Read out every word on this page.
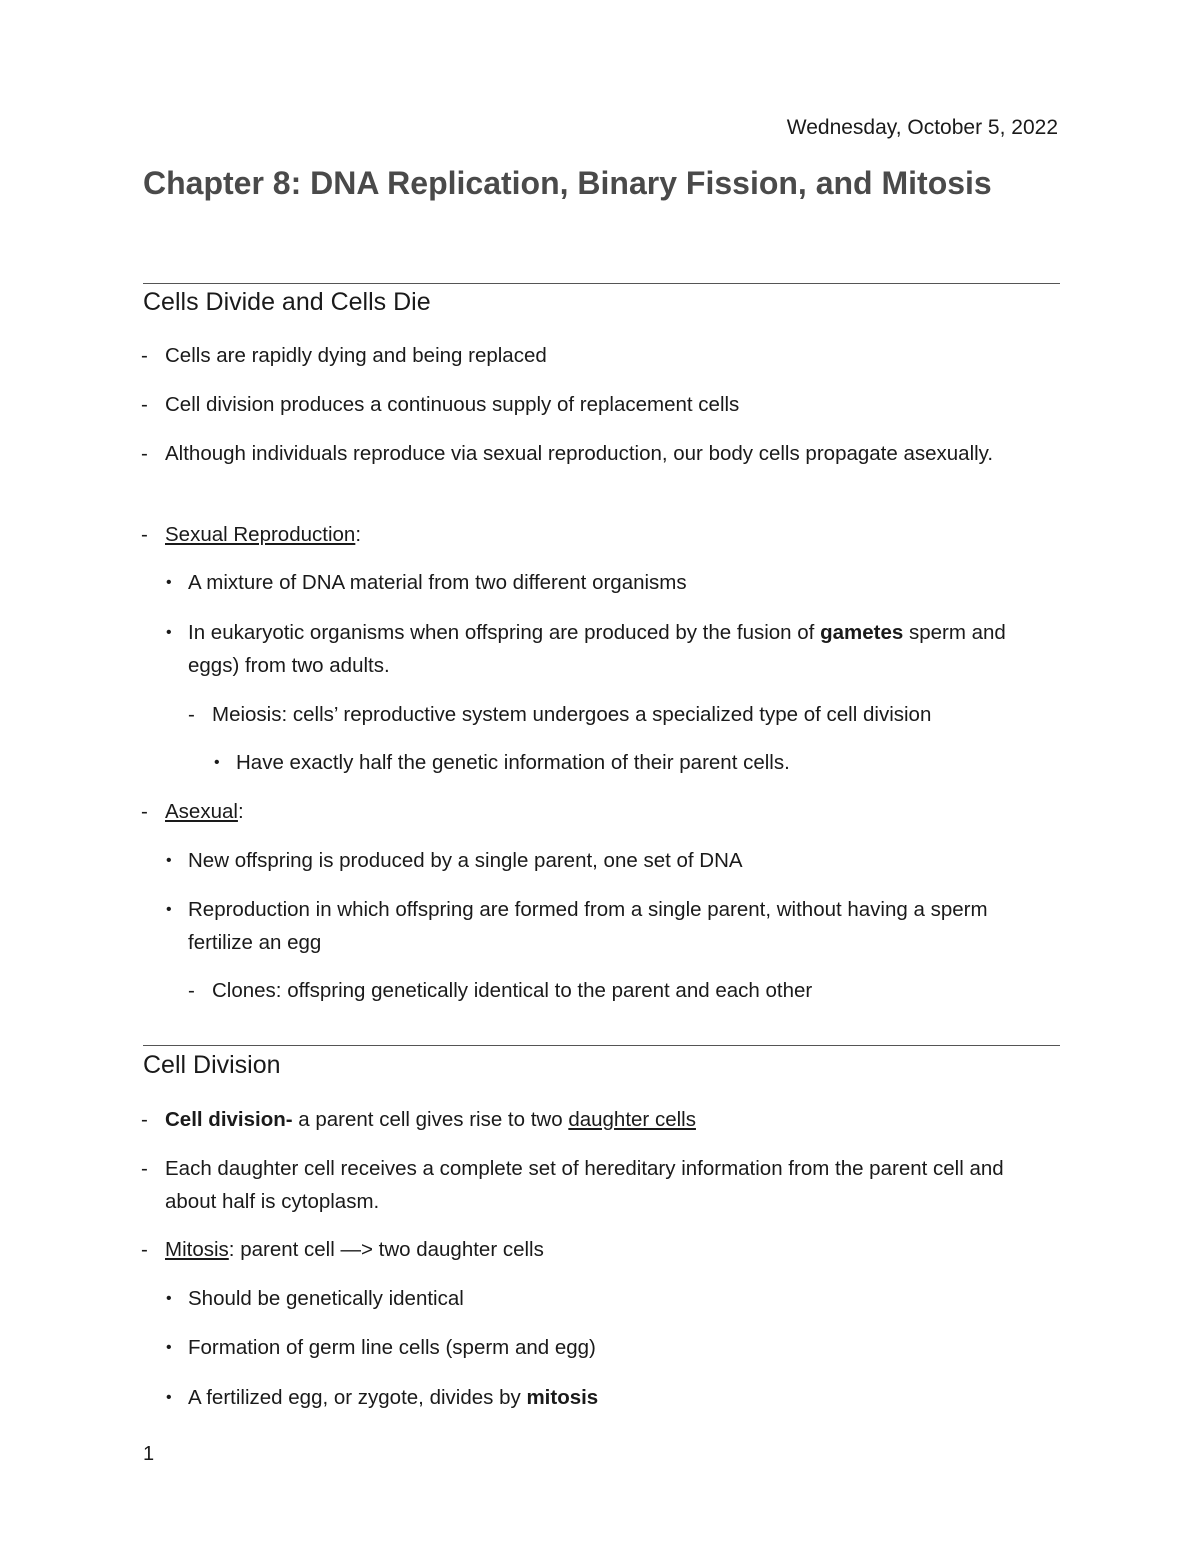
Wednesday, October 5, 2022
Chapter 8: DNA Replication, Binary Fission, and Mitosis
Cells Divide and Cells Die
- Cells are rapidly dying and being replaced
- Cell division produces a continuous supply of replacement cells
- Although individuals reproduce via sexual reproduction, our body cells propagate asexually.
- Sexual Reproduction:
• A mixture of DNA material from two different organisms
• In eukaryotic organisms when offspring are produced by the fusion of gametes sperm and eggs) from two adults.
- Meiosis: cells’ reproductive system undergoes a specialized type of cell division
• Have exactly half the genetic information of their parent cells.
- Asexual:
• New offspring is produced by a single parent, one set of DNA
• Reproduction in which offspring are formed from a single parent, without having a sperm fertilize an egg
- Clones: offspring genetically identical to the parent and each other
Cell Division
- Cell division- a parent cell gives rise to two daughter cells
- Each daughter cell receives a complete set of hereditary information from the parent cell and about half is cytoplasm.
- Mitosis: parent cell —> two daughter cells
• Should be genetically identical
• Formation of germ line cells (sperm and egg)
• A fertilized egg, or zygote, divides by mitosis
1
